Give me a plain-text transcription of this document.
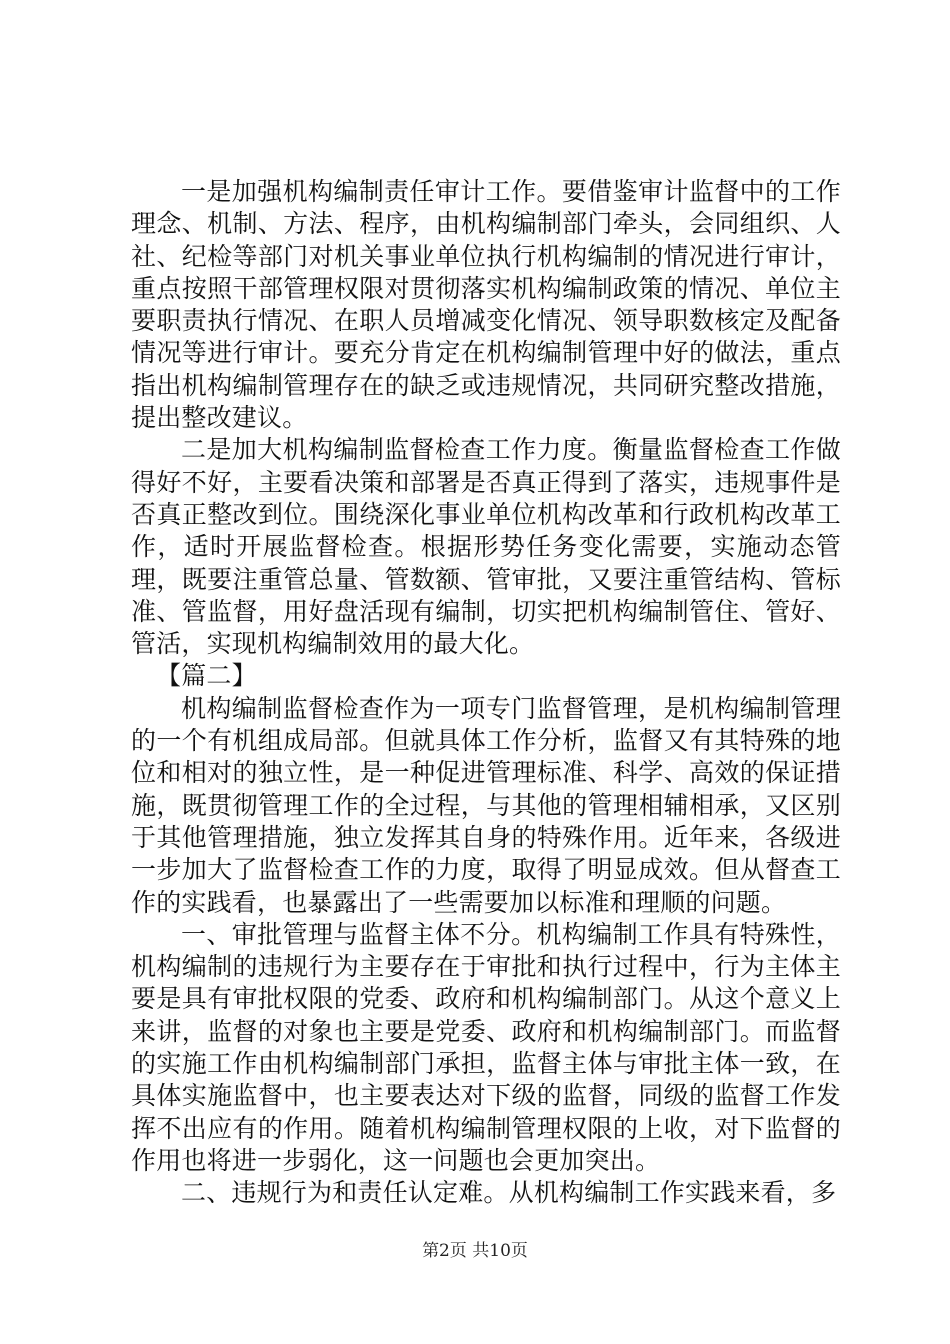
一是加强机构编制责任审计工作。要借鉴审计监督中的工作理念、机制、方法、程序，由机构编制部门牵头，会同组织、人社、纪检等部门对机关事业单位执行机构编制的情况进行审计，重点按照干部管理权限对贯彻落实机构编制政策的情况、单位主要职责执行情况、在职人员增减变化情况、领导职数核定及配备情况等进行审计。要充分肯定在机构编制管理中好的做法，重点指出机构编制管理存在的缺乏或违规情况，共同研究整改措施，提出整改建议。

二是加大机构编制监督检查工作力度。衡量监督检查工作做得好不好，主要看决策和部署是否真正得到了落实，违规事件是否真正整改到位。围绕深化事业单位机构改革和行政机构改革工作，适时开展监督检查。根据形势任务变化需要，实施动态管理，既要注重管总量、管数额、管审批，又要注重管结构、管标准、管监督，用好盘活现有编制，切实把机构编制管住、管好、管活，实现机构编制效用的最大化。

【篇二】

机构编制监督检查作为一项专门监督管理，是机构编制管理的一个有机组成局部。但就具体工作分析，监督又有其特殊的地位和相对的独立性，是一种促进管理标准、科学、高效的保证措施，既贯彻管理工作的全过程，与其他的管理相辅相承，又区别于其他管理措施，独立发挥其自身的特殊作用。近年来，各级进一步加大了监督检查工作的力度，取得了明显成效。但从督查工作的实践看，也暴露出了一些需要加以标准和理顺的问题。

一、审批管理与监督主体不分。机构编制工作具有特殊性，机构编制的违规行为主要存在于审批和执行过程中，行为主体主要是具有审批权限的党委、政府和机构编制部门。从这个意义上来讲，监督的对象也主要是党委、政府和机构编制部门。而监督的实施工作由机构编制部门承担，监督主体与审批主体一致，在具体实施监督中，也主要表达对下级的监督，同级的监督工作发挥不出应有的作用。随着机构编制管理权限的上收，对下监督的作用也将进一步弱化，这一问题也会更加突出。

二、违规行为和责任认定难。从机构编制工作实践来看，多

第2页 共10页
